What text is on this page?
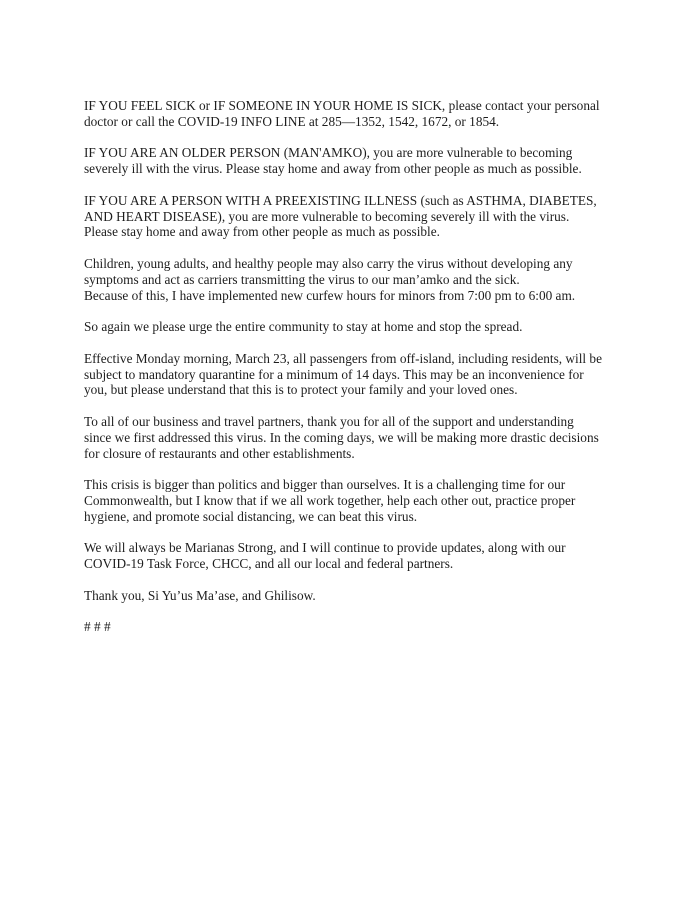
IF YOU FEEL SICK or IF SOMEONE IN YOUR HOME IS SICK, please contact your personal
doctor or call the COVID-19 INFO LINE at 285—1352, 1542, 1672, or 1854.

IF YOU ARE AN OLDER PERSON (MAN'AMKO), you are more vulnerable to becoming
severely ill with the virus. Please stay home and away from other people as much as possible.

IF YOU ARE A PERSON WITH A PREEXISTING ILLNESS (such as ASTHMA, DIABETES,
AND HEART DISEASE), you are more vulnerable to becoming severely ill with the virus.
Please stay home and away from other people as much as possible.

Children, young adults, and healthy people may also carry the virus without developing any
symptoms and act as carriers transmitting the virus to our man’amko and the sick.
Because of this, I have implemented new curfew hours for minors from 7:00 pm to 6:00 am.

So again we please urge the entire community to stay at home and stop the spread.

Effective Monday morning, March 23, all passengers from off-island, including residents, will be
subject to mandatory quarantine for a minimum of 14 days. This may be an inconvenience for
you, but please understand that this is to protect your family and your loved ones.

To all of our business and travel partners, thank you for all of the support and understanding
since we first addressed this virus. In the coming days, we will be making more drastic decisions
for closure of restaurants and other establishments.

This crisis is bigger than politics and bigger than ourselves. It is a challenging time for our
Commonwealth, but I know that if we all work together, help each other out, practice proper
hygiene, and promote social distancing, we can beat this virus.

We will always be Marianas Strong, and I will continue to provide updates, along with our
COVID-19 Task Force, CHCC, and all our local and federal partners.

Thank you, Si Yu’us Ma’ase, and Ghilisow.

# # #
